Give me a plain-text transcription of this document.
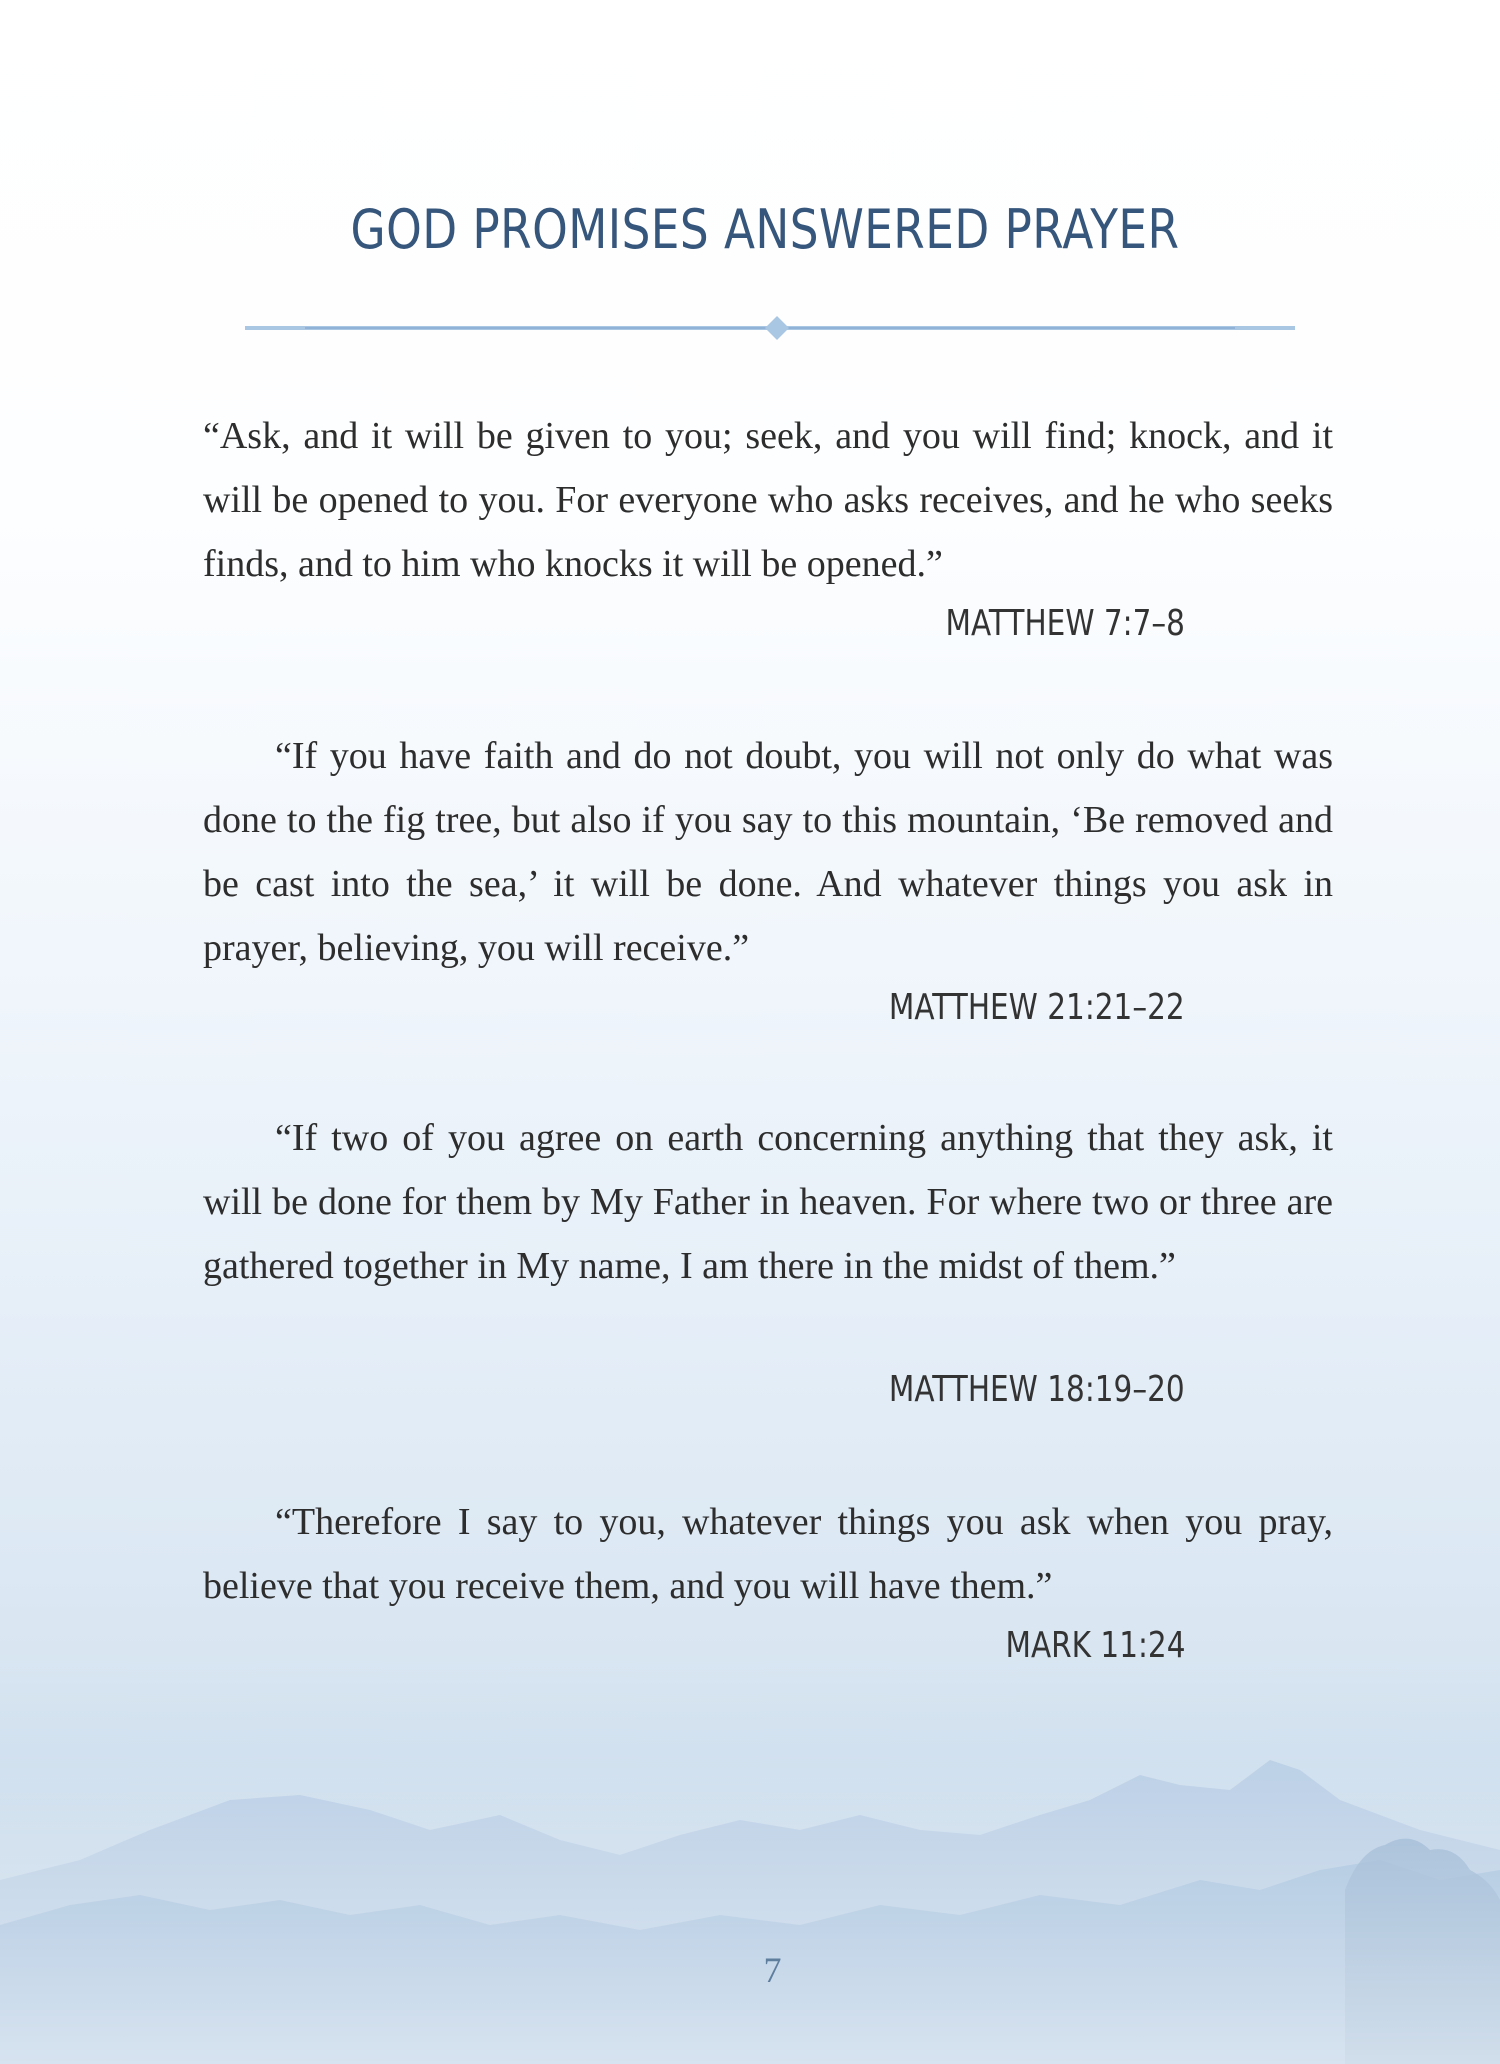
GOD PROMISES ANSWERED PRAYER

“Ask, and it will be given to you; seek, and you will find; knock, and it will be opened to you. For everyone who asks receives, and he who seeks finds, and to him who knocks it will be opened.”

MATTHEW 7:7–8

“If you have faith and do not doubt, you will not only do what was done to the fig tree, but also if you say to this mountain, ‘Be removed and be cast into the sea,’ it will be done. And whatever things you ask in prayer, believing, you will receive.”

MATTHEW 21:21–22

“If two of you agree on earth concerning anything that they ask, it will be done for them by My Father in heaven. For where two or three are gathered together in My name, I am there in the midst of them.”

MATTHEW 18:19–20

“Therefore I say to you, whatever things you ask when you pray, believe that you receive them, and you will have them.”

MARK 11:24
7
